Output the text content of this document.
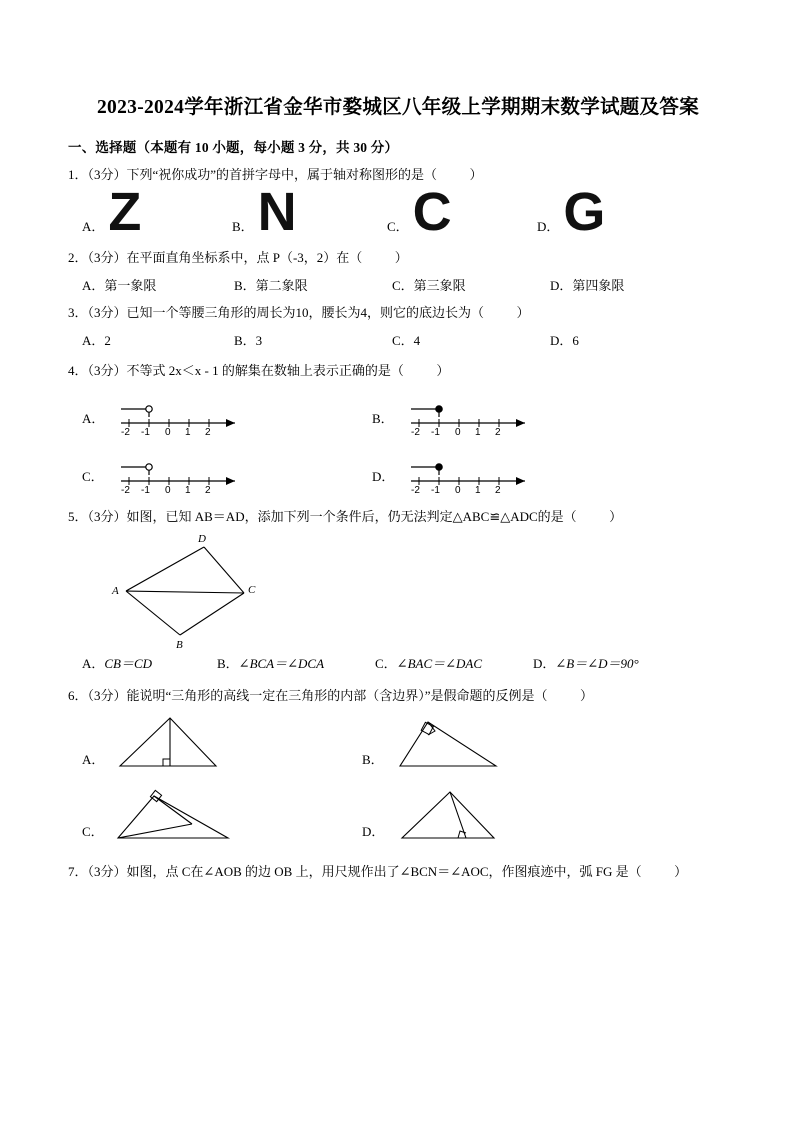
2023-2024学年浙江省金华市婺城区八年级上学期期末数学试题及答案
一、选择题（本题有 10 小题，每小题 3 分，共 30 分）
1．（3分）下列“祝你成功”的首拼字母中，属于轴对称图形的是（          ）
A． Z	B． N	C． C	D． G
2．（3分）在平面直角坐标系中，点 P（-3，2）在（          ）
A．第一象限	B．第二象限	C．第三象限	D．第四象限
3．（3分）已知一个等腰三角形的周长为10，腰长为4，则它的底边长为（          ）
A．2	B．3	C．4	D．6
4．（3分）不等式 2x＜x - 1 的解集在数轴上表示正确的是（          ）
A．
-2 -1 0 1 2
B．
-2 -1 0 1 2
C．
-2 -1 0 1 2
D．
-2 -1 0 1 2
5．（3分）如图，已知 AB＝AD，添加下列一个条件后，仍无法判定△ABC≌△ADC的是（          ）
D
A	C
B
A．CB＝CD	B．∠BCA＝∠DCA	C．∠BAC＝∠DAC	D．∠B＝∠D＝90°
6．（3分）能说明“三角形的高线一定在三角形的内部（含边界）”是假命题的反例是（          ）
A．	B．
C．	D．
7．（3分）如图，点 C在∠AOB 的边 OB 上，用尺规作出了∠BCN＝∠AOC，作图痕迹中，弧 FG 是（          ）
